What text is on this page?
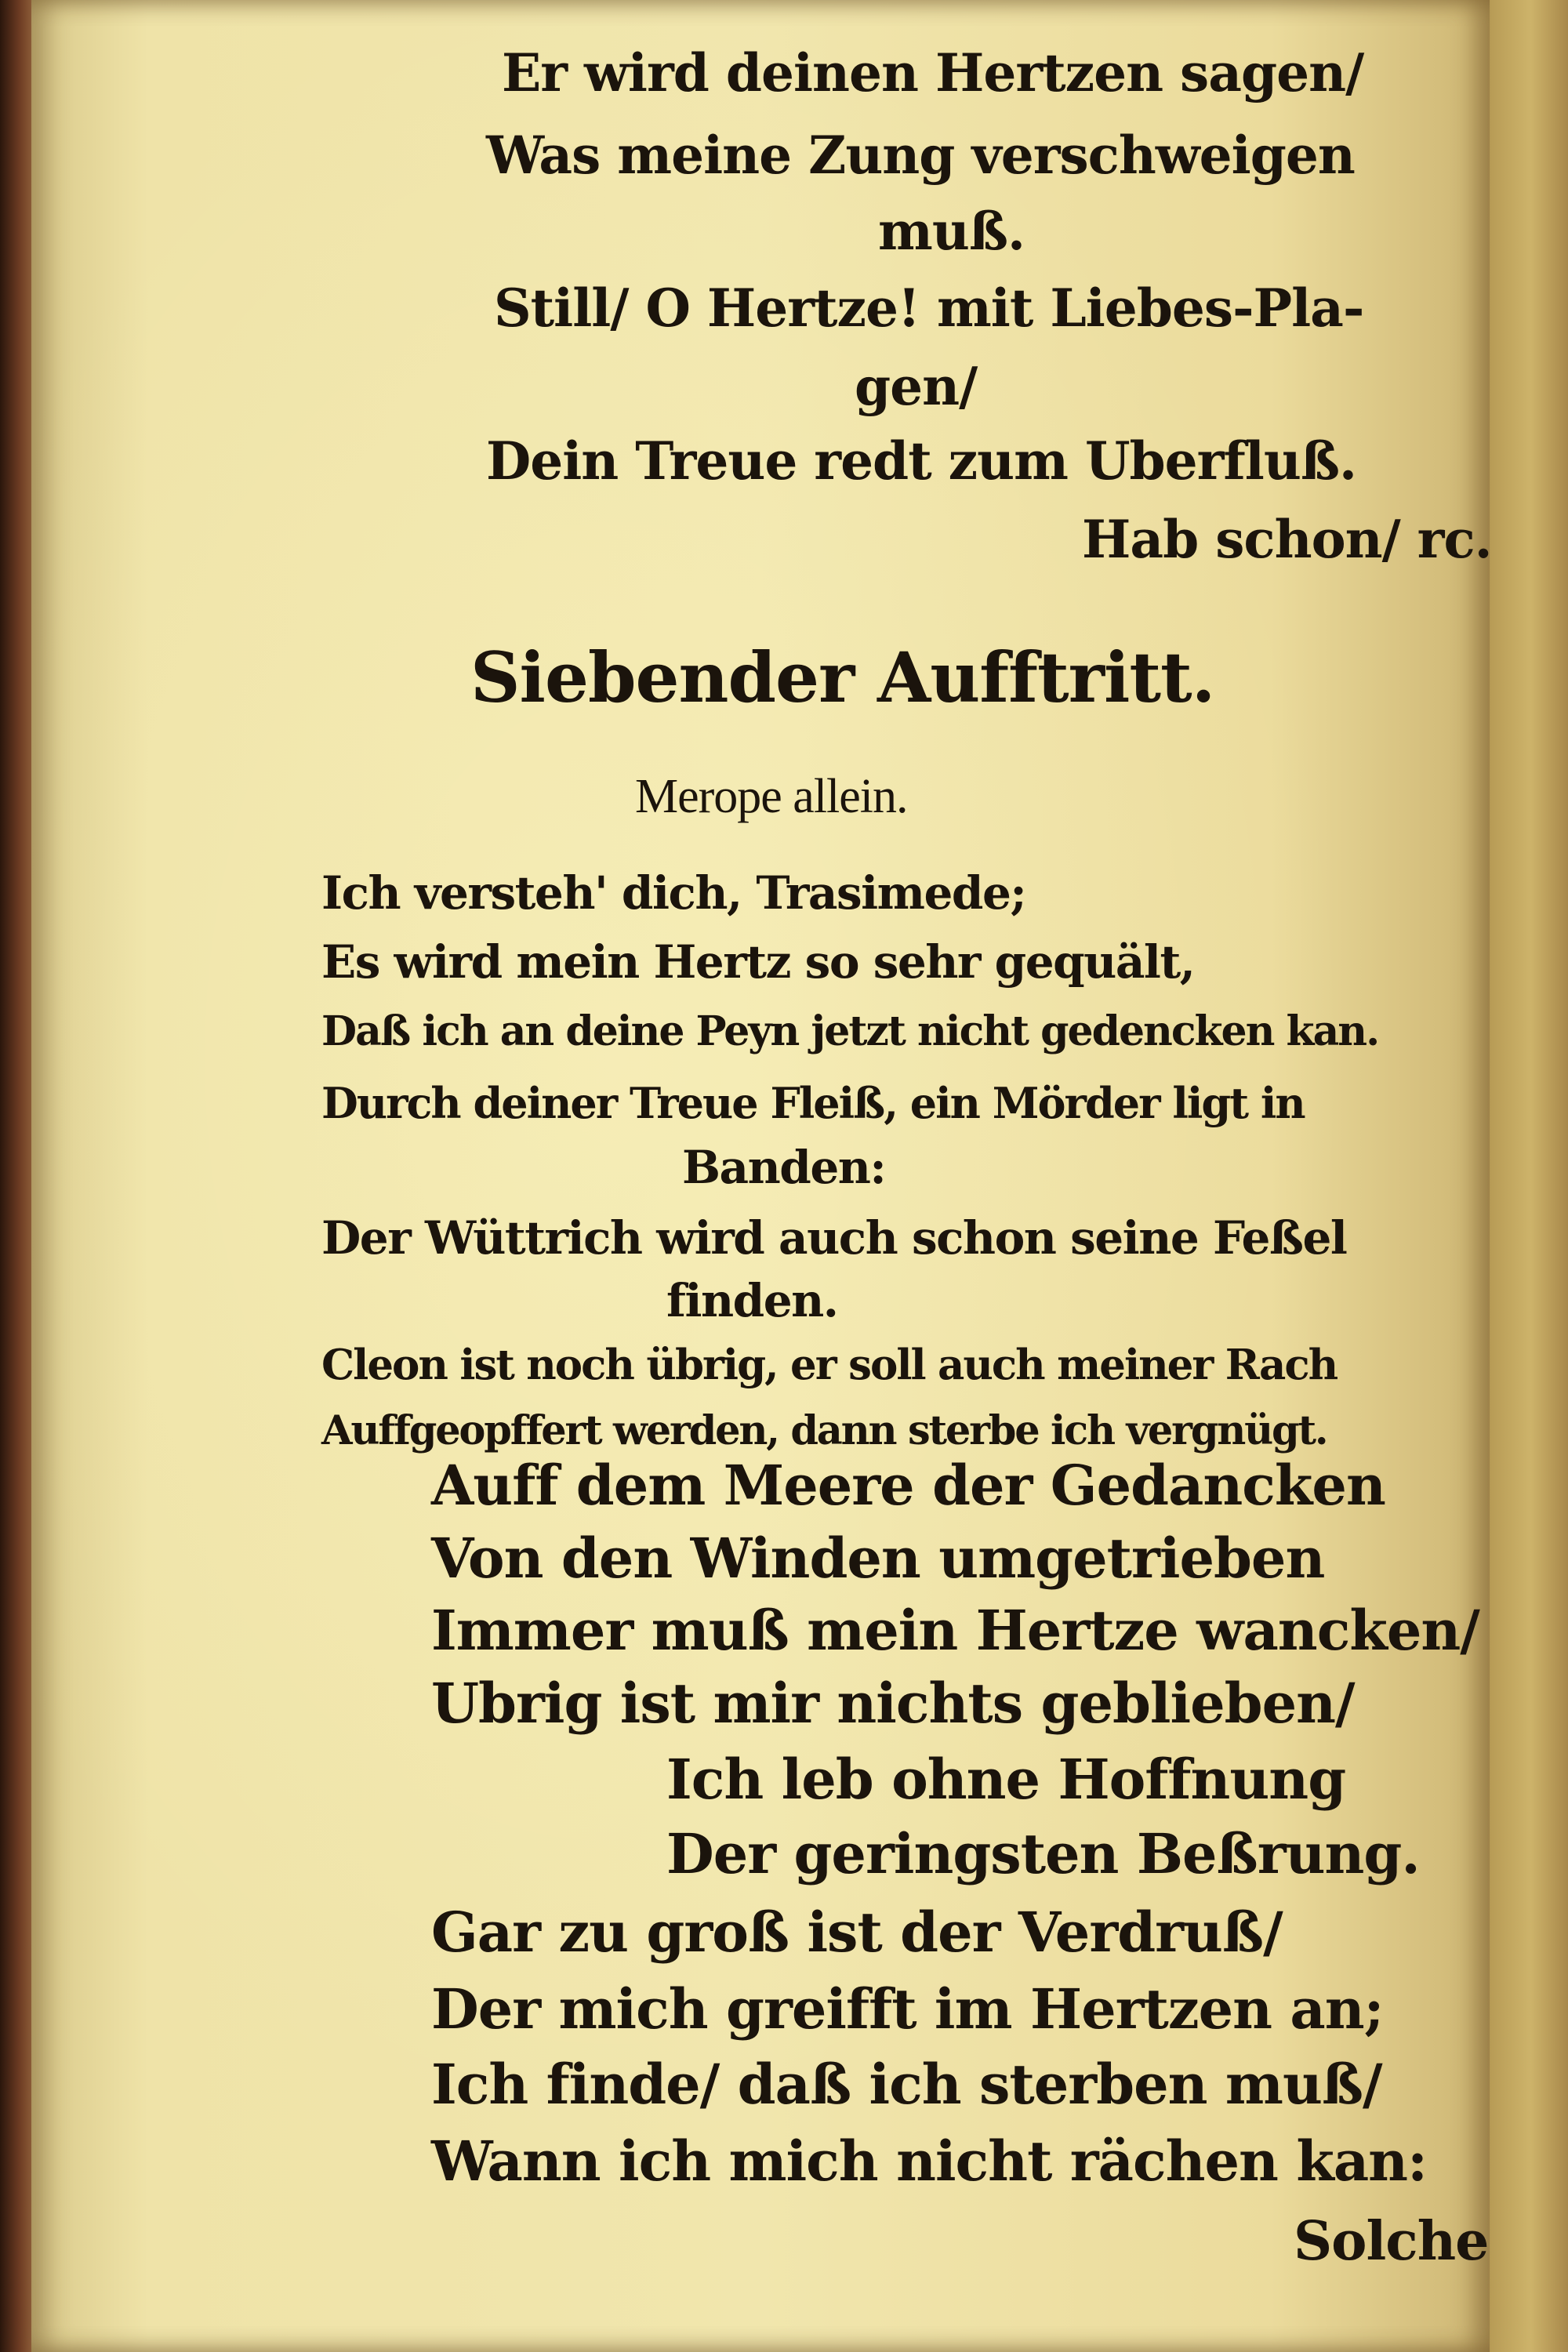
Er wird deinen Hertzen sagen/
Was meine Zung verschweigen
muß.
Still/ O Hertze! mit Liebes-Pla-
gen/
Dein Treue redt zum Uberfluß.
Hab schon/ rc.
Siebender Aufftritt.
Merope allein.
Ich versteh' dich, Trasimede;
Es wird mein Hertz so sehr gequält,
Daß ich an deine Peyn jetzt nicht gedencken kan.
Durch deiner Treue Fleiß, ein Mörder ligt in
Banden:
Der Wüttrich wird auch schon seine Feßel
finden.
Cleon ist noch übrig, er soll auch meiner Rach
Auffgeopffert werden, dann sterbe ich vergnügt.
Auff dem Meere der Gedancken
Von den Winden umgetrieben
Immer muß mein Hertze wancken/
Ubrig ist mir nichts geblieben/
Ich leb ohne Hoffnung
Der geringsten Beßrung.
Gar zu groß ist der Verdruß/
Der mich greifft im Hertzen an;
Ich finde/ daß ich sterben muß/
Wann ich mich nicht rächen kan:
Solche
